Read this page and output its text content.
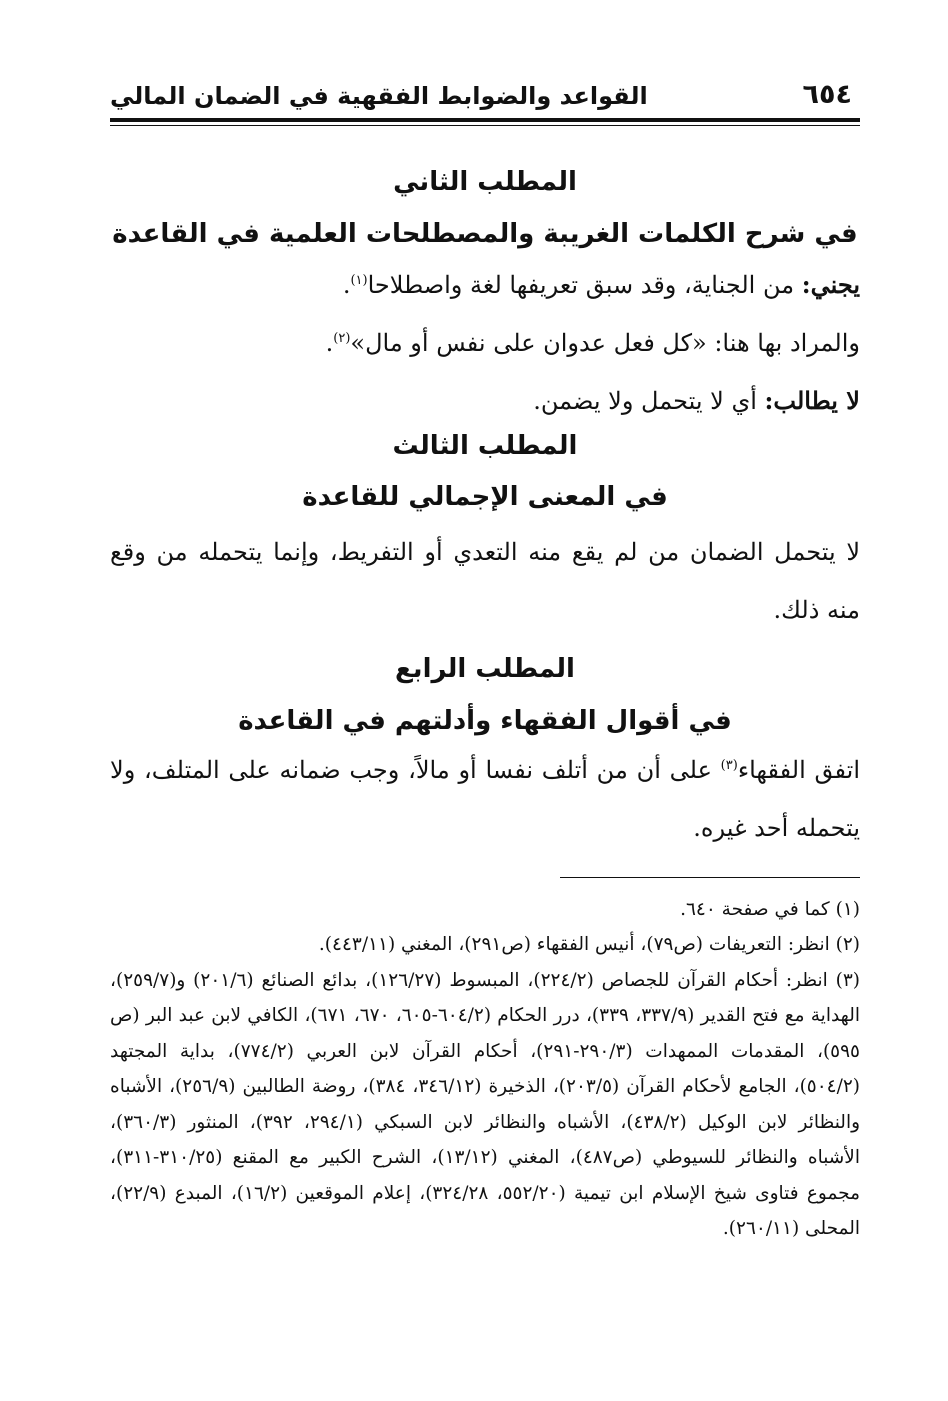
٦٥٤
القواعد والضوابط الفقهية في الضمان المالي
المطلب الثاني
في شرح الكلمات الغريبة والمصطلحات العلمية في القاعدة

يجني: من الجناية، وقد سبق تعريفها لغة واصطلاحا$^{(١)}$.

والمراد بها هنا: «كل فعل عدوان على نفس أو مال»$^{(٢)}$.

لا يطالب: أي لا يتحمل ولا يضمن.

المطلب الثالث
في المعنى الإجمالي للقاعدة

لا يتحمل الضمان من لم يقع منه التعدي أو التفريط، وإنما يتحمله من وقع منه ذلك.

المطلب الرابع
في أقوال الفقهاء وأدلتهم في القاعدة

اتفق الفقهاء$^{(٣)}$ على أن من أتلف نفسا أو مالاً، وجب ضمانه على المتلف، ولا يتحمله أحد غيره.

(١) كما في صفحة ٦٤٠.

(٢) انظر: التعريفات (ص٧٩)، أنيس الفقهاء (ص٢٩١)، المغني (٤٤٣/١١).

(٣) انظر: أحكام القرآن للجصاص (٢٢٤/٢)، المبسوط (١٢٦/٢٧)، بدائع الصنائع (٢٠١/٦) و(٢٥٩/٧)، الهداية مع فتح القدير (٣٣٧/٩، ٣٣٩)، درر الحكام (٦٠٤/٢-٦٠٥، ٦٧٠، ٦٧١)، الكافي لابن عبد البر (ص ٥٩٥)، المقدمات الممهدات (٢٩٠/٣-٢٩١)، أحكام القرآن لابن العربي (٧٧٤/٢)، بداية المجتهد (٥٠٤/٢)، الجامع لأحكام القرآن (٢٠٣/٥)، الذخيرة (٣٤٦/١٢، ٣٨٤)، روضة الطالبين (٢٥٦/٩)، الأشباه والنظائر لابن الوكيل (٤٣٨/٢)، الأشباه والنظائر لابن السبكي (٢٩٤/١، ٣٩٢)، المنثور (٣٦٠/٣)، الأشباه والنظائر للسيوطي (ص٤٨٧)، المغني (١٣/١٢)، الشرح الكبير مع المقنع (٣١٠/٢٥-٣١١)، مجموع فتاوى شيخ الإسلام ابن تيمية (٥٥٢/٢٠، ٣٢٤/٢٨)، إعلام الموقعين (١٦/٢)، المبدع (٢٢/٩)، المحلى (٢٦٠/١١).
